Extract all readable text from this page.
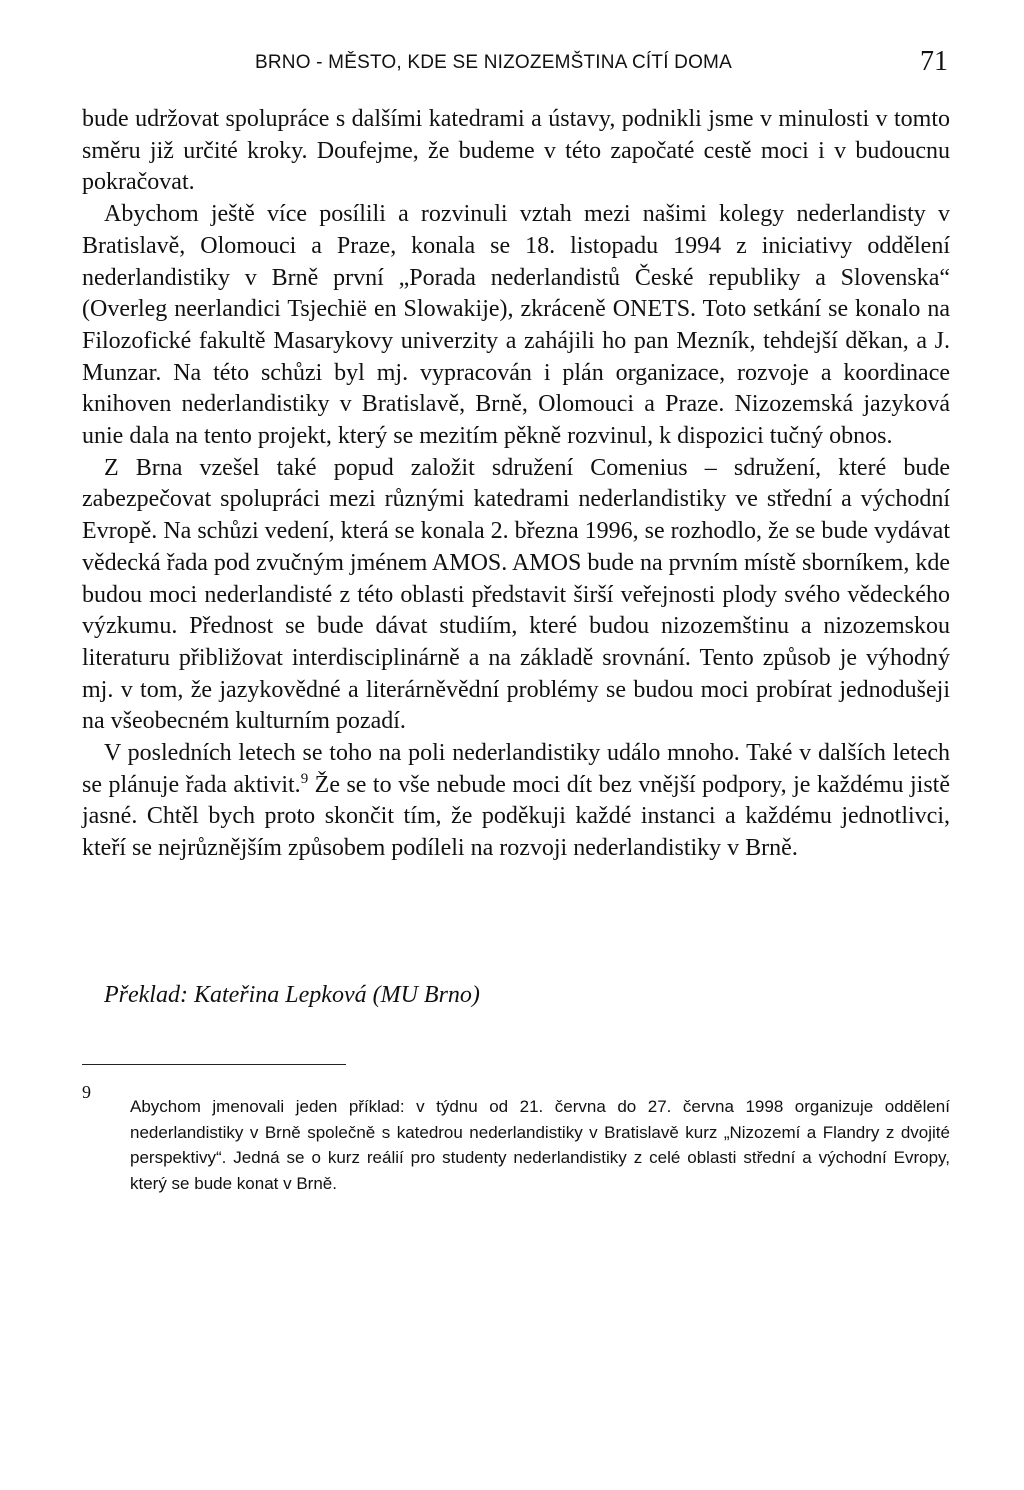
BRNO - MĚSTO, KDE SE NIZOZEMŠTINA CÍTÍ DOMA	71

bude udržovat spolupráce s dalšími katedrami a ústavy, podnikli jsme v minulosti v tomto směru již určité kroky. Doufejme, že budeme v této započaté cestě moci i v budoucnu pokračovat.

Abychom ještě více posílili a rozvinuli vztah mezi našimi kolegy nederlandisty v Bratislavě, Olomouci a Praze, konala se 18. listopadu 1994 z iniciativy oddělení nederlandistiky v Brně první „Porada nederlandistů České republiky a Slovenska“ (Overleg neerlandici Tsjechië en Slowakije), zkráceně ONETS. Toto setkání se konalo na Filozofické fakultě Masarykovy univerzity a zahájili ho pan Mezník, tehdejší děkan, a J. Munzar. Na této schůzi byl mj. vypracován i plán organizace, rozvoje a koordinace knihoven nederlandistiky v Bratislavě, Brně, Olomouci a Praze. Nizozemská jazyková unie dala na tento projekt, který se mezitím pěkně rozvinul, k dispozici tučný obnos.

Z Brna vzešel také popud založit sdružení Comenius – sdružení, které bude zabezpečovat spolupráci mezi různými katedrami nederlandistiky ve střední a východní Evropě. Na schůzi vedení, která se konala 2. března 1996, se rozhodlo, že se bude vydávat vědecká řada pod zvučným jménem AMOS. AMOS bude na prvním místě sborníkem, kde budou moci nederlandisté z této oblasti představit širší veřejnosti plody svého vědeckého výzkumu. Přednost se bude dávat studiím, které budou nizozemštinu a nizozemskou literaturu přibližovat interdisciplinárně a na základě srovnání. Tento způsob je výhodný mj. v tom, že jazykovědné a literárněvědní problémy se budou moci probírat jednodušeji na všeobecném kulturním pozadí.

V posledních letech se toho na poli nederlandistiky událo mnoho. Také v dalších letech se plánuje řada aktivit.$^9$ Že se to vše nebude moci dít bez vnější podpory, je každému jistě jasné. Chtěl bych proto skončit tím, že poděkuji každé instanci a každému jednotlivci, kteří se nejrůznějším způsobem podíleli na rozvoji nederlandistiky v Brně.

Překlad: Kateřina Lepková (MU Brno)
9
Abychom jmenovali jeden příklad: v týdnu od 21. června do 27. června 1998 organizuje oddělení nederlandistiky v Brně společně s katedrou nederlandistiky v Bratislavě kurz „Nizozemí a Flandry z dvojité perspektivy“. Jedná se o kurz reálií pro studenty nederlandistiky z celé oblasti střední a východní Evropy, který se bude konat v Brně.
